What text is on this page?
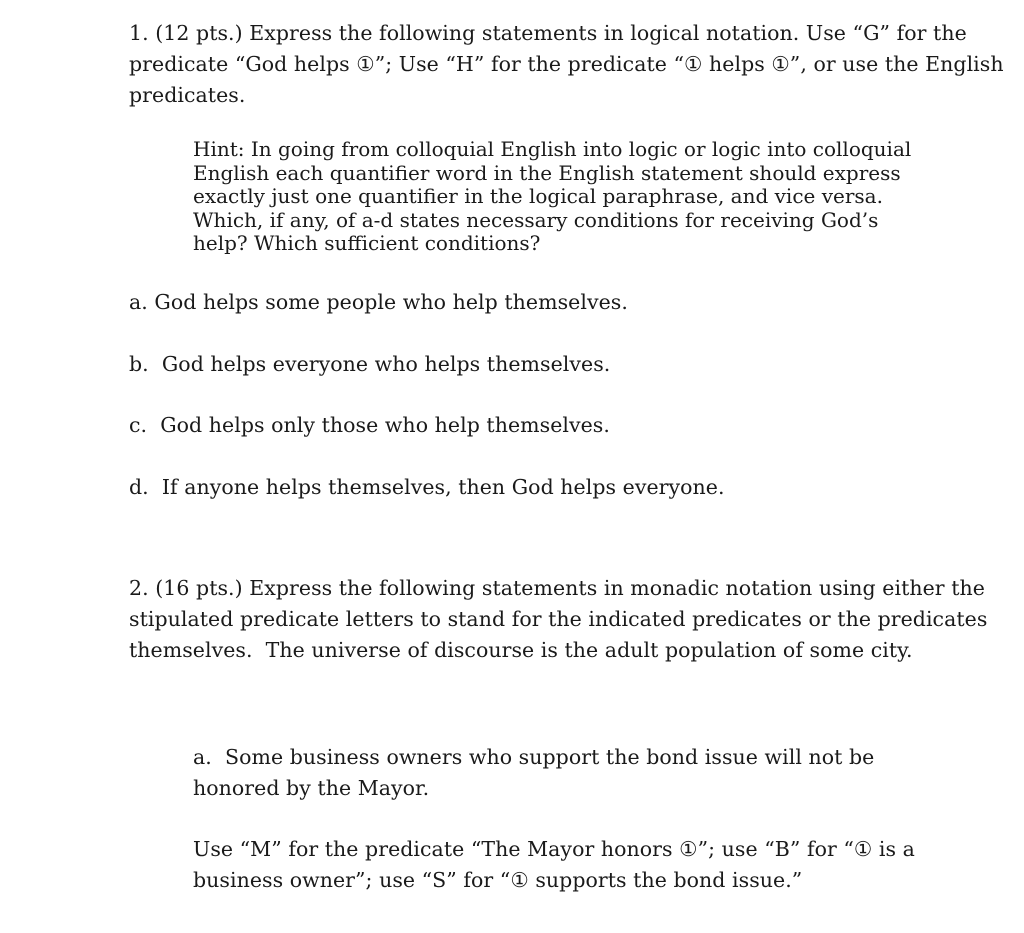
1. (12 pts.) Express the following statements in logical notation. Use “G” for the
predicate “God helps ①”; Use “H” for the predicate “① helps ①”, or use the English
predicates.
Hint: In going from colloquial English into logic or logic into colloquial
English each quantifier word in the English statement should express
exactly just one quantifier in the logical paraphrase, and vice versa.
Which, if any, of a-d states necessary conditions for receiving God’s
help? Which sufficient conditions?
a. God helps some people who help themselves.
b.  God helps everyone who helps themselves.
c.  God helps only those who help themselves.
d.  If anyone helps themselves, then God helps everyone.
2. (16 pts.) Express the following statements in monadic notation using either the
stipulated predicate letters to stand for the indicated predicates or the predicates
themselves.  The universe of discourse is the adult population of some city.
a.  Some business owners who support the bond issue will not be
honored by the Mayor.
Use “M” for the predicate “The Mayor honors ①”; use “B” for “① is a
business owner”; use “S” for “① supports the bond issue.”
